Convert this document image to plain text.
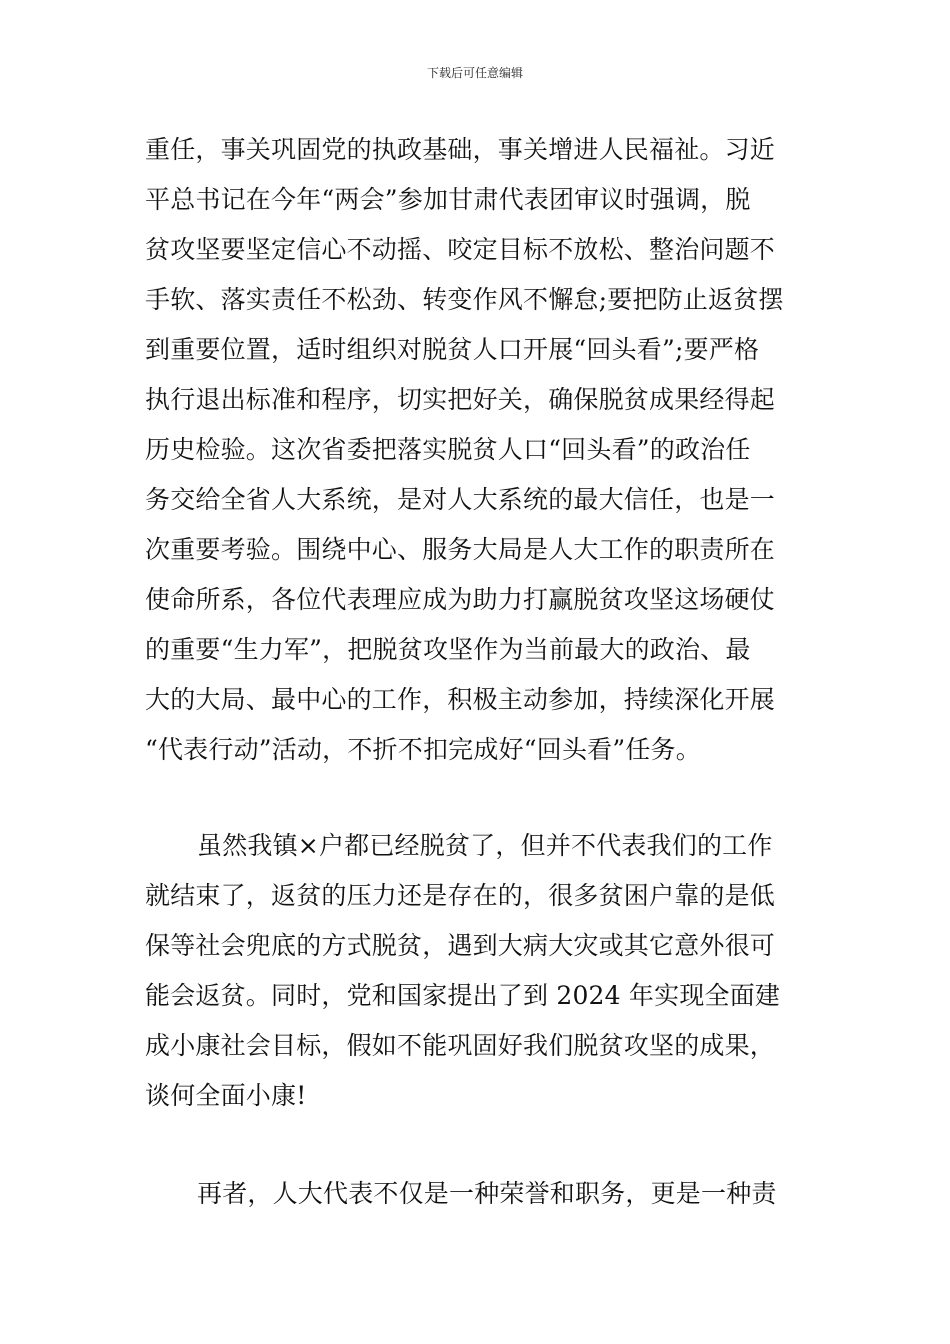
下载后可任意编辑
重任，事关巩固党的执政基础，事关增进人民福祉。习近
平总书记在今年“两会”参加甘肃代表团审议时强调，脱
贫攻坚要坚定信心不动摇、咬定目标不放松、整治问题不
手软、落实责任不松劲、转变作风不懈怠;要把防止返贫摆
到重要位置，适时组织对脱贫人口开展“回头看”;要严格
执行退出标准和程序，切实把好关，确保脱贫成果经得起
历史检验。这次省委把落实脱贫人口“回头看”的政治任
务交给全省人大系统，是对人大系统的最大信任，也是一
次重要考验。围绕中心、服务大局是人大工作的职责所在
使命所系，各位代表理应成为助力打赢脱贫攻坚这场硬仗
的重要“生力军”，把脱贫攻坚作为当前最大的政治、最
大的大局、最中心的工作，积极主动参加，持续深化开展
“代表行动”活动，不折不扣完成好“回头看”任务。
虽然我镇×户都已经脱贫了，但并不代表我们的工作
就结束了，返贫的压力还是存在的，很多贫困户靠的是低
保等社会兜底的方式脱贫，遇到大病大灾或其它意外很可
能会返贫。同时，党和国家提出了到 2024 年实现全面建
成小康社会目标，假如不能巩固好我们脱贫攻坚的成果，
谈何全面小康!
再者，人大代表不仅是一种荣誉和职务，更是一种责
